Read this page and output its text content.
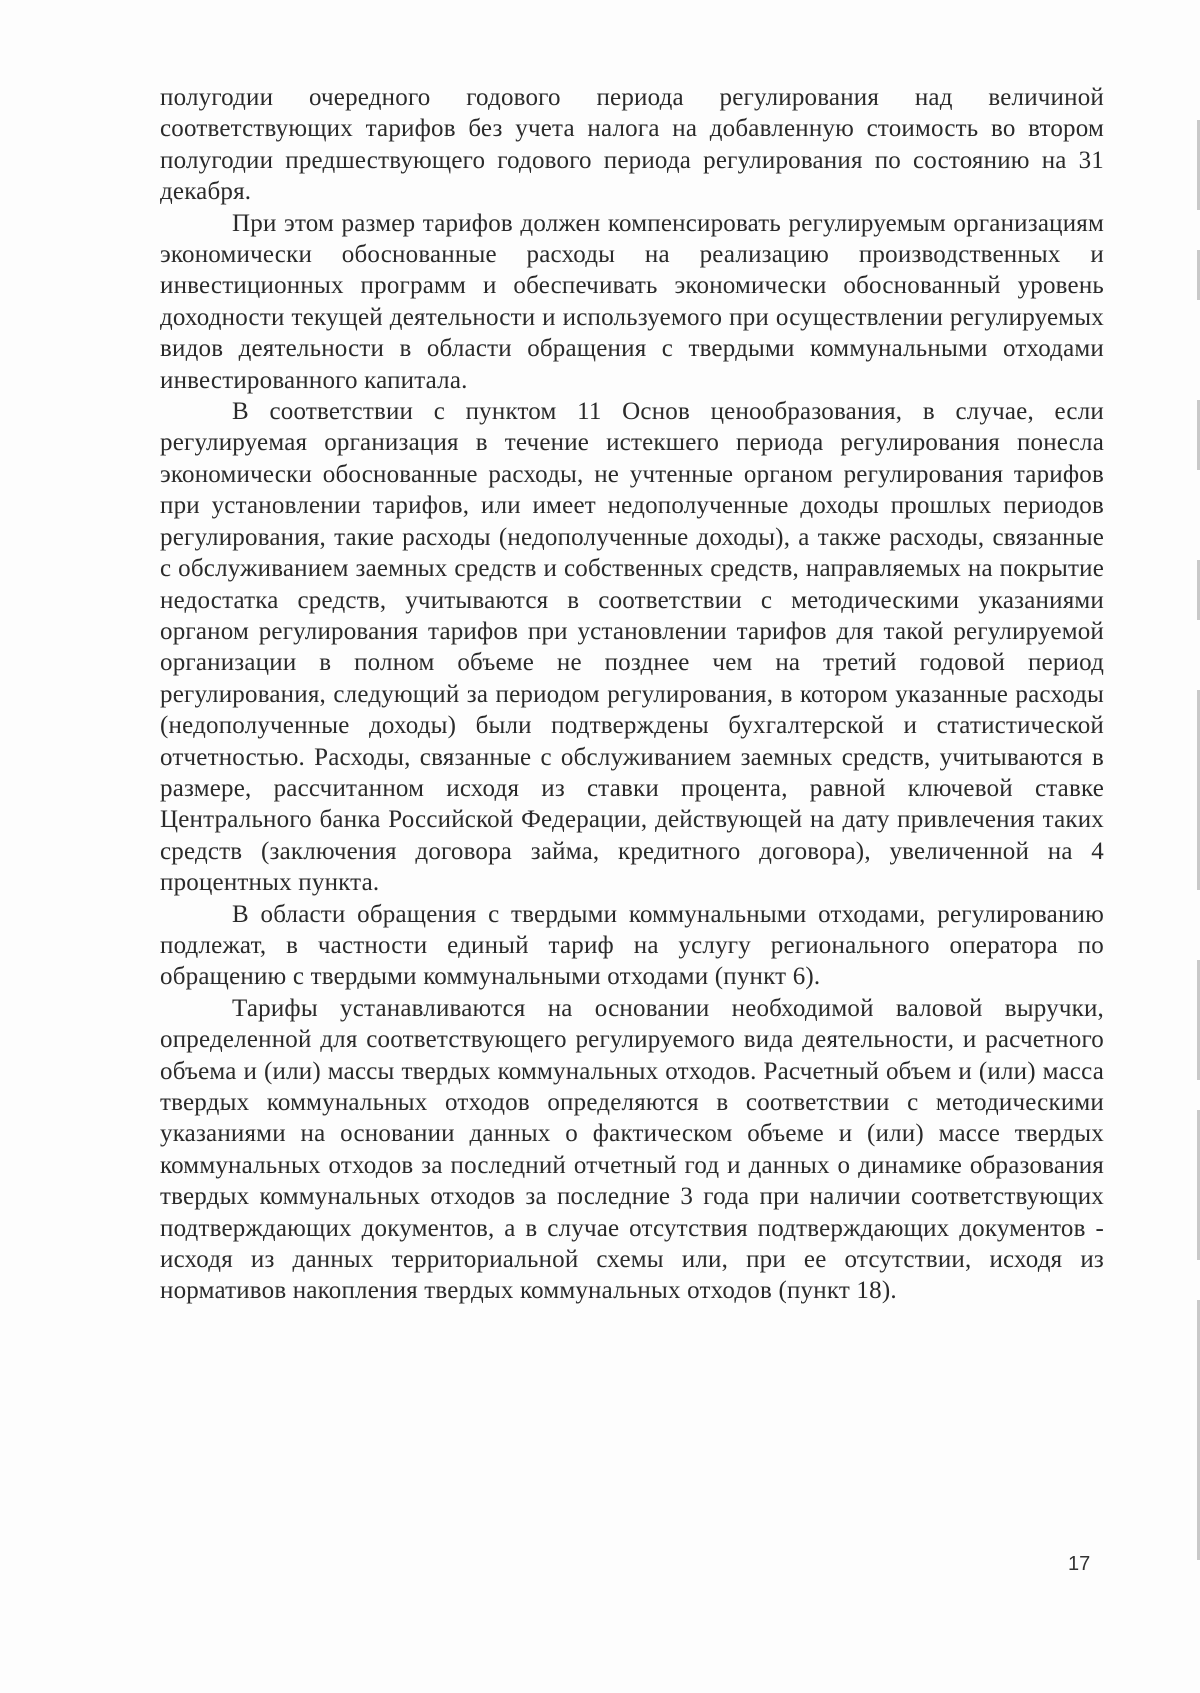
полугодии очередного годового периода регулирования над величиной соответствующих тарифов без учета налога на добавленную стоимость во втором полугодии предшествующего годового периода регулирования по состоянию на 31 декабря.

При этом размер тарифов должен компенсировать регулируемым организациям экономически обоснованные расходы на реализацию производственных и инвестиционных программ и обеспечивать экономически обоснованный уровень доходности текущей деятельности и используемого при осуществлении регулируемых видов деятельности в области обращения с твердыми коммунальными отходами инвестированного капитала.

В соответствии с пунктом 11 Основ ценообразования, в случае, если регулируемая организация в течение истекшего периода регулирования понесла экономически обоснованные расходы, не учтенные органом регулирования тарифов при установлении тарифов, или имеет недополученные доходы прошлых периодов регулирования, такие расходы (недополученные доходы), а также расходы, связанные с обслуживанием заемных средств и собственных средств, направляемых на покрытие недостатка средств, учитываются в соответствии с методическими указаниями органом регулирования тарифов при установлении тарифов для такой регулируемой организации в полном объеме не позднее чем на третий годовой период регулирования, следующий за периодом регулирования, в котором указанные расходы (недополученные доходы) были подтверждены бухгалтерской и статистической отчетностью. Расходы, связанные с обслуживанием заемных средств, учитываются в размере, рассчитанном исходя из ставки процента, равной ключевой ставке Центрального банка Российской Федерации, действующей на дату привлечения таких средств (заключения договора займа, кредитного договора), увеличенной на 4 процентных пункта.

В области обращения с твердыми коммунальными отходами, регулированию подлежат, в частности единый тариф на услугу регионального оператора по обращению с твердыми коммунальными отходами (пункт 6).

Тарифы устанавливаются на основании необходимой валовой выручки, определенной для соответствующего регулируемого вида деятельности, и расчетного объема и (или) массы твердых коммунальных отходов. Расчетный объем и (или) масса твердых коммунальных отходов определяются в соответствии с методическими указаниями на основании данных о фактическом объеме и (или) массе твердых коммунальных отходов за последний отчетный год и данных о динамике образования твердых коммунальных отходов за последние 3 года при наличии соответствующих подтверждающих документов, а в случае отсутствия подтверждающих документов - исходя из данных территориальной схемы или, при ее отсутствии, исходя из нормативов накопления твердых коммунальных отходов (пункт 18).

17
